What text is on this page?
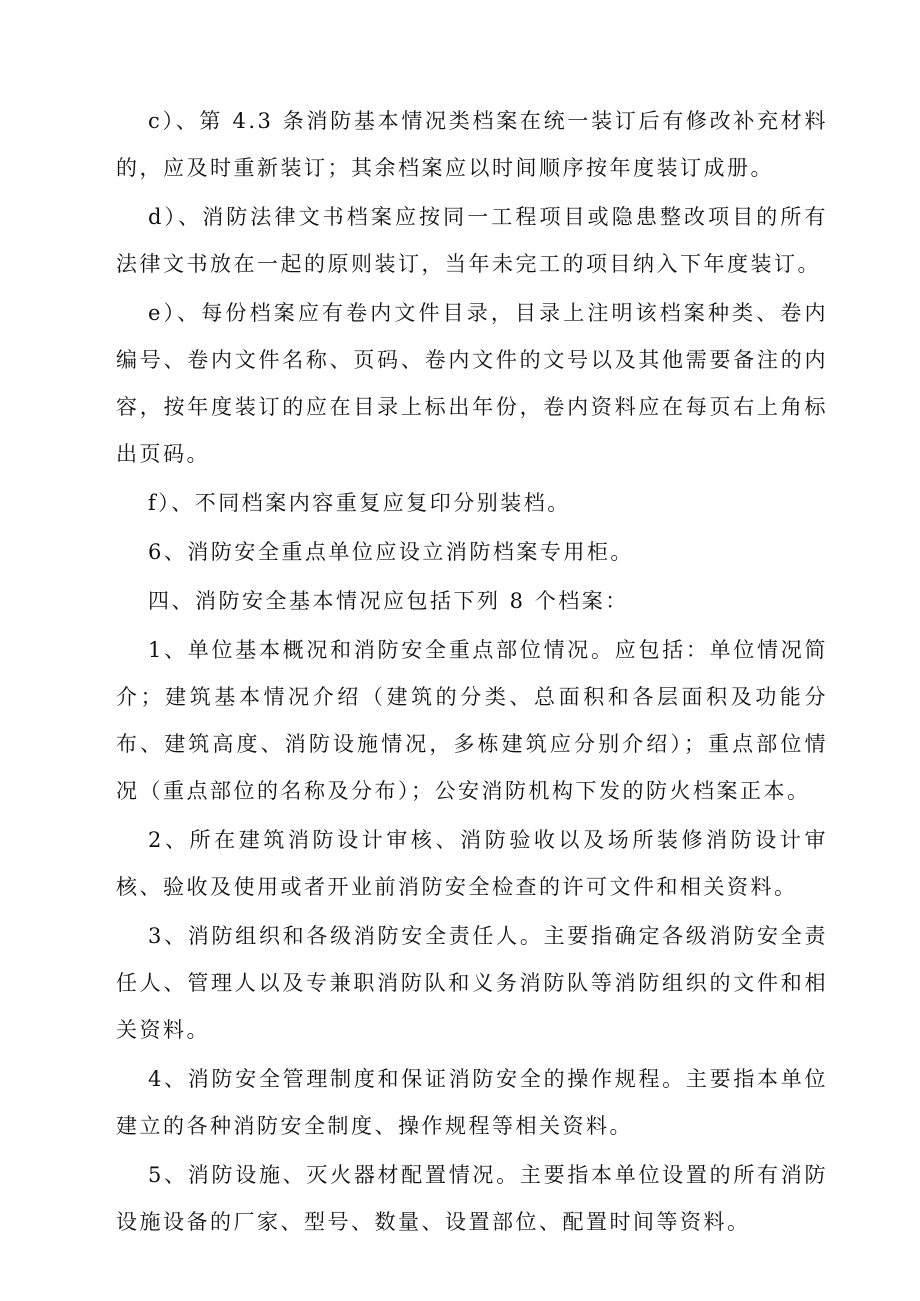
c）、第 4.3 条消防基本情况类档案在统一装订后有修改补充材料的，应及时重新装订；其余档案应以时间顺序按年度装订成册。

d）、消防法律文书档案应按同一工程项目或隐患整改项目的所有法律文书放在一起的原则装订，当年未完工的项目纳入下年度装订。

e）、每份档案应有卷内文件目录，目录上注明该档案种类、卷内编号、卷内文件名称、页码、卷内文件的文号以及其他需要备注的内容，按年度装订的应在目录上标出年份，卷内资料应在每页右上角标出页码。

f）、不同档案内容重复应复印分别装档。

6、消防安全重点单位应设立消防档案专用柜。

四、消防安全基本情况应包括下列 8 个档案：

1、单位基本概况和消防安全重点部位情况。应包括：单位情况简介；建筑基本情况介绍（建筑的分类、总面积和各层面积及功能分布、建筑高度、消防设施情况，多栋建筑应分别介绍）；重点部位情况（重点部位的名称及分布）；公安消防机构下发的防火档案正本。

2、所在建筑消防设计审核、消防验收以及场所装修消防设计审核、验收及使用或者开业前消防安全检查的许可文件和相关资料。

3、消防组织和各级消防安全责任人。主要指确定各级消防安全责任人、管理人以及专兼职消防队和义务消防队等消防组织的文件和相关资料。

4、消防安全管理制度和保证消防安全的操作规程。主要指本单位建立的各种消防安全制度、操作规程等相关资料。

5、消防设施、灭火器材配置情况。主要指本单位设置的所有消防设施设备的厂家、型号、数量、设置部位、配置时间等资料。
